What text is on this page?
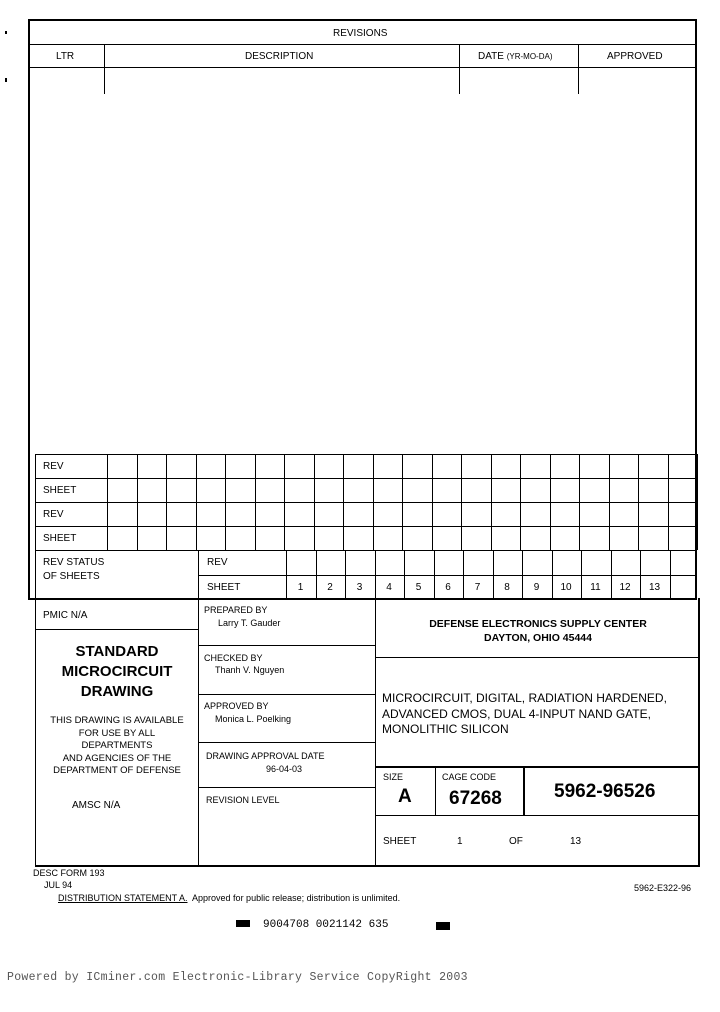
REVISIONS
LTR	DESCRIPTION	DATE (YR-MO-DA)	APPROVED
REV
SHEET
REV
SHEET
REV STATUS
OF SHEETS
REV
SHEET	1	2	3	4	5	6	7	8	9	10	11	12	13
PMIC N/A
STANDARD
MICROCIRCUIT
DRAWING
THIS DRAWING IS AVAILABLE
FOR USE BY ALL
DEPARTMENTS
AND AGENCIES OF THE
DEPARTMENT OF DEFENSE
AMSC N/A
PREPARED BY
Larry T. Gauder
CHECKED BY
Thanh V. Nguyen
APPROVED BY
Monica L. Poelking
DRAWING APPROVAL DATE
96-04-03
REVISION LEVEL
DEFENSE ELECTRONICS SUPPLY CENTER
DAYTON, OHIO 45444
MICROCIRCUIT, DIGITAL, RADIATION HARDENED,
ADVANCED CMOS, DUAL 4-INPUT NAND GATE,
MONOLITHIC SILICON
SIZE
A
CAGE CODE
67268	5962-96526
SHEET	1	OF	13
DESC FORM 193
JUL 94
DISTRIBUTION STATEMENT A. Approved for public release; distribution is unlimited.
5962-E322-96
9004708 0021142 635
Powered by ICminer.com Electronic-Library Service CopyRight 2003
